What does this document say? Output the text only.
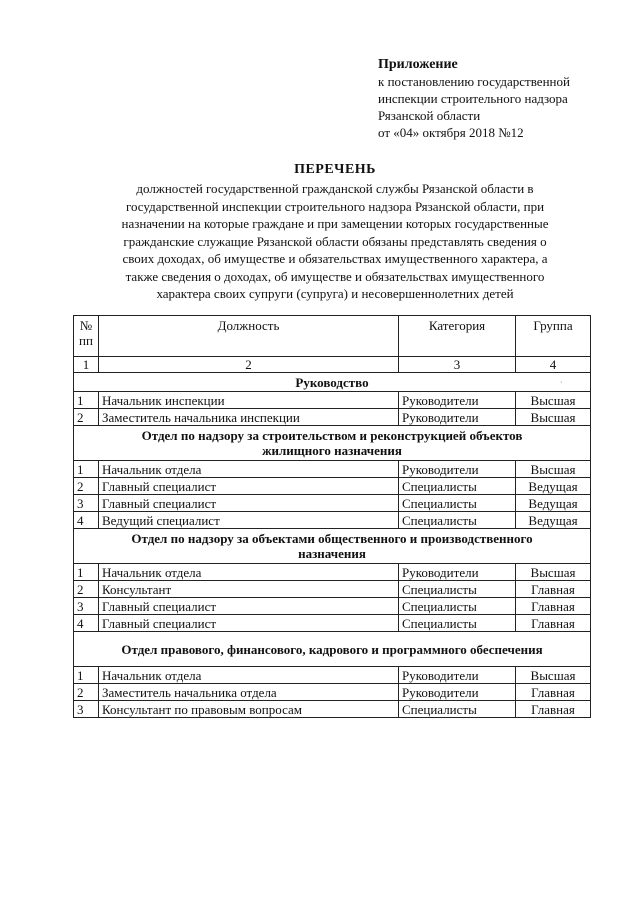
Приложение
к постановлению государственной
инспекции строительного надзора
Рязанской области
от «04» октября 2018 №12
ПЕРЕЧЕНЬ
должностей государственной гражданской службы Рязанской области в
государственной инспекции строительного надзора Рязанской области, при
назначении на которые граждане и при замещении которых государственные
гражданские служащие Рязанской области обязаны представлять сведения о
своих доходах, об имуществе и обязательствах имущественного характера, а
также сведения о доходах, об имуществе и обязательствах имущественного
характера своих супруги (супруга) и несовершеннолетних детей
№
пп	Должность	Категория	Группа
1	2	3	4
Руководство			
1	Начальник инспекции	Руководители	Высшая
2	Заместитель начальника инспекции	Руководители	Высшая
Отдел по надзору за строительством и реконструкцией объектов
жилищного назначения			
1	Начальник отдела	Руководители	Высшая
2	Главный специалист	Специалисты	Ведущая
3	Главный специалист	Специалисты	Ведущая
4	Ведущий специалист	Специалисты	Ведущая
Отдел по надзору за объектами общественного и производственного
назначения			
1	Начальник отдела	Руководители	Высшая
2	Консультант	Специалисты	Главная
3	Главный специалист	Специалисты	Главная
4	Главный специалист	Специалисты	Главная
Отдел правового, финансового, кадрового и программного обеспечения			
1	Начальник отдела	Руководители	Высшая
2	Заместитель начальника отдела	Руководители	Главная
3	Консультант по правовым вопросам	Специалисты	Главная
·
